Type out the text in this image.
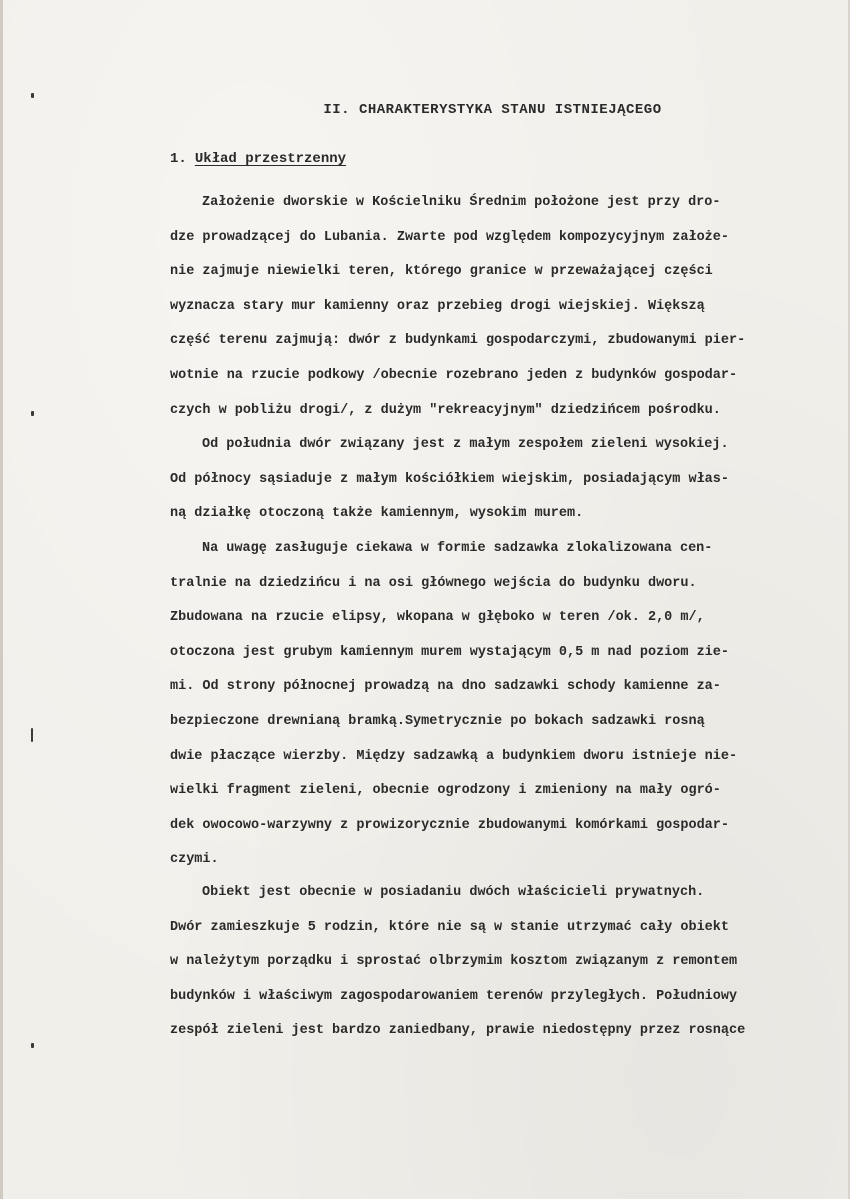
II. CHARAKTERYSTYKA STANU ISTNIEJĄCEGO
1. Układ przestrzenny
Założenie dworskie w Kościelniku Średnim położone jest przy dro-
dze prowadzącej do Lubania. Zwarte pod względem kompozycyjnym założe-
nie zajmuje niewielki teren, którego granice w przeważającej części
wyznacza stary mur kamienny oraz przebieg drogi wiejskiej. Większą
część terenu zajmują: dwór z budynkami gospodarczymi, zbudowanymi pier-
wotnie na rzucie podkowy /obecnie rozebrano jeden z budynków gospodar-
czych w pobliżu drogi/, z dużym "rekreacyjnym" dziedzińcem pośrodku.
Od południa dwór związany jest z małym zespołem zieleni wysokiej.
Od północy sąsiaduje z małym kościółkiem wiejskim, posiadającym włas-
ną działkę otoczoną także kamiennym, wysokim murem.
Na uwagę zasługuje ciekawa w formie sadzawka zlokalizowana cen-
tralnie na dziedzińcu i na osi głównego wejścia do budynku dworu.
Zbudowana na rzucie elipsy, wkopana w głęboko w teren /ok. 2,0 m/,
otoczona jest grubym kamiennym murem wystającym 0,5 m nad poziom zie-
mi. Od strony północnej prowadzą na dno sadzawki schody kamienne za-
bezpieczone drewnianą bramką.Symetrycznie po bokach sadzawki rosną
dwie płaczące wierzby. Między sadzawką a budynkiem dworu istnieje nie-
wielki fragment zieleni, obecnie ogrodzony i zmieniony na mały ogró-
dek owocowo-warzywny z prowizorycznie zbudowanymi komórkami gospodar-
czymi.
Obiekt jest obecnie w posiadaniu dwóch właścicieli prywatnych.
Dwór zamieszkuje 5 rodzin, które nie są w stanie utrzymać cały obiekt
w należytym porządku i sprostać olbrzymim kosztom związanym z remontem
budynków i właściwym zagospodarowaniem terenów przyległych. Południowy
zespół zieleni jest bardzo zaniedbany, prawie niedostępny przez rosnące
